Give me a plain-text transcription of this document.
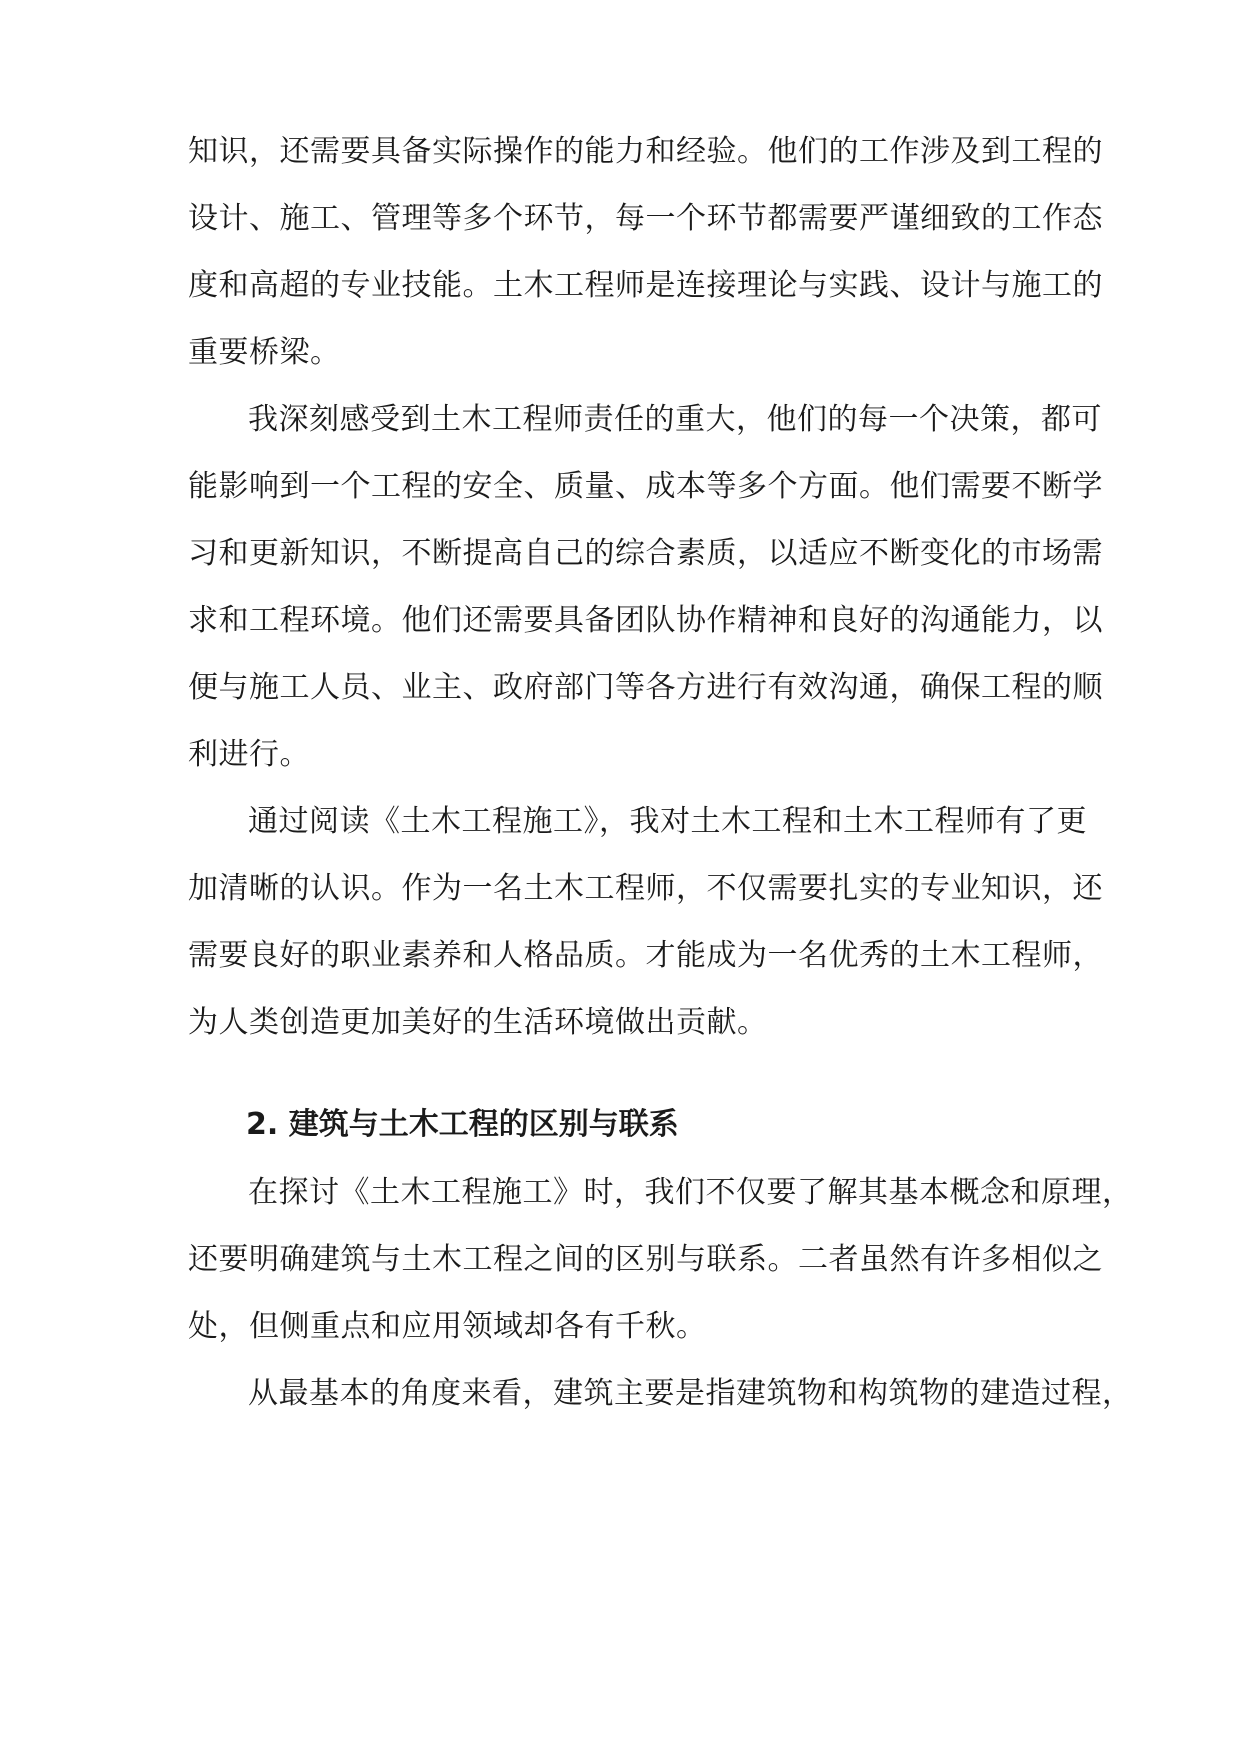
知识，还需要具备实际操作的能力和经验。他们的工作涉及到工程的
设计、施工、管理等多个环节，每一个环节都需要严谨细致的工作态
度和高超的专业技能。土木工程师是连接理论与实践、设计与施工的
重要桥梁。
我深刻感受到土木工程师责任的重大，他们的每一个决策，都可
能影响到一个工程的安全、质量、成本等多个方面。他们需要不断学
习和更新知识，不断提高自己的综合素质，以适应不断变化的市场需
求和工程环境。他们还需要具备团队协作精神和良好的沟通能力，以
便与施工人员、业主、政府部门等各方进行有效沟通，确保工程的顺
利进行。
通过阅读《土木工程施工》，我对土木工程和土木工程师有了更
加清晰的认识。作为一名土木工程师，不仅需要扎实的专业知识，还
需要良好的职业素养和人格品质。才能成为一名优秀的土木工程师，
为人类创造更加美好的生活环境做出贡献。
2. 建筑与土木工程的区别与联系
在探讨《土木工程施工》时，我们不仅要了解其基本概念和原理，
还要明确建筑与土木工程之间的区别与联系。二者虽然有许多相似之
处，但侧重点和应用领域却各有千秋。
从最基本的角度来看，建筑主要是指建筑物和构筑物的建造过程，
